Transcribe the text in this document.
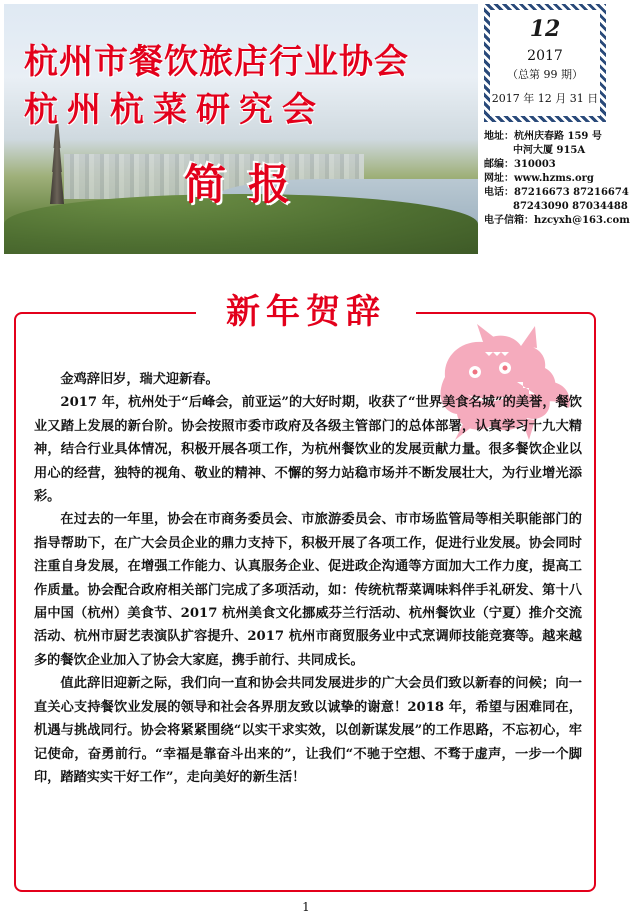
杭州市餐饮旅店行业协会
杭州杭菜研究会
简报
12
2017
（总第 99 期）
2017 年 12 月 31 日
地址：杭州庆春路 159 号
中河大厦 915A
邮编：310003
网址：www.hzms.org
电话：87216673 87216674
87243090 87034488
电子信箱：hzcyxh@163.com
新年贺辞

金鸡辞旧岁，瑞犬迎新春。

2017 年，杭州处于“后峰会，前亚运”的大好时期，收获了“世界美食名城”的美誉，餐饮业又踏上发展的新台阶。协会按照市委市政府及各级主管部门的总体部署，认真学习十九大精神，结合行业具体情况，积极开展各项工作，为杭州餐饮业的发展贡献力量。很多餐饮企业以用心的经营，独特的视角、敬业的精神、不懈的努力站稳市场并不断发展壮大，为行业增光添彩。

在过去的一年里，协会在市商务委员会、市旅游委员会、市市场监管局等相关职能部门的指导帮助下，在广大会员企业的鼎力支持下，积极开展了各项工作，促进行业发展。协会同时注重自身发展，在增强工作能力、认真服务企业、促进政企沟通等方面加大工作力度，提高工作质量。协会配合政府相关部门完成了多项活动，如：传统杭帮菜调味料伴手礼研发、第十八届中国（杭州）美食节、2017 杭州美食文化挪威芬兰行活动、杭州餐饮业（宁夏）推介交流活动、杭州市厨艺表演队扩容提升、2017 杭州市商贸服务业中式烹调师技能竞赛等。越来越多的餐饮企业加入了协会大家庭，携手前行、共同成长。

值此辞旧迎新之际，我们向一直和协会共同发展进步的广大会员们致以新春的问候；向一直关心支持餐饮业发展的领导和社会各界朋友致以诚挚的谢意！2018 年，希望与困难同在，机遇与挑战同行。协会将紧紧围绕“以实干求实效，以创新谋发展”的工作思路，不忘初心，牢记使命，奋勇前行。“幸福是靠奋斗出来的”，让我们“不驰于空想、不骛于虚声，一步一个脚印，踏踏实实干好工作”，走向美好的新生活！

1
